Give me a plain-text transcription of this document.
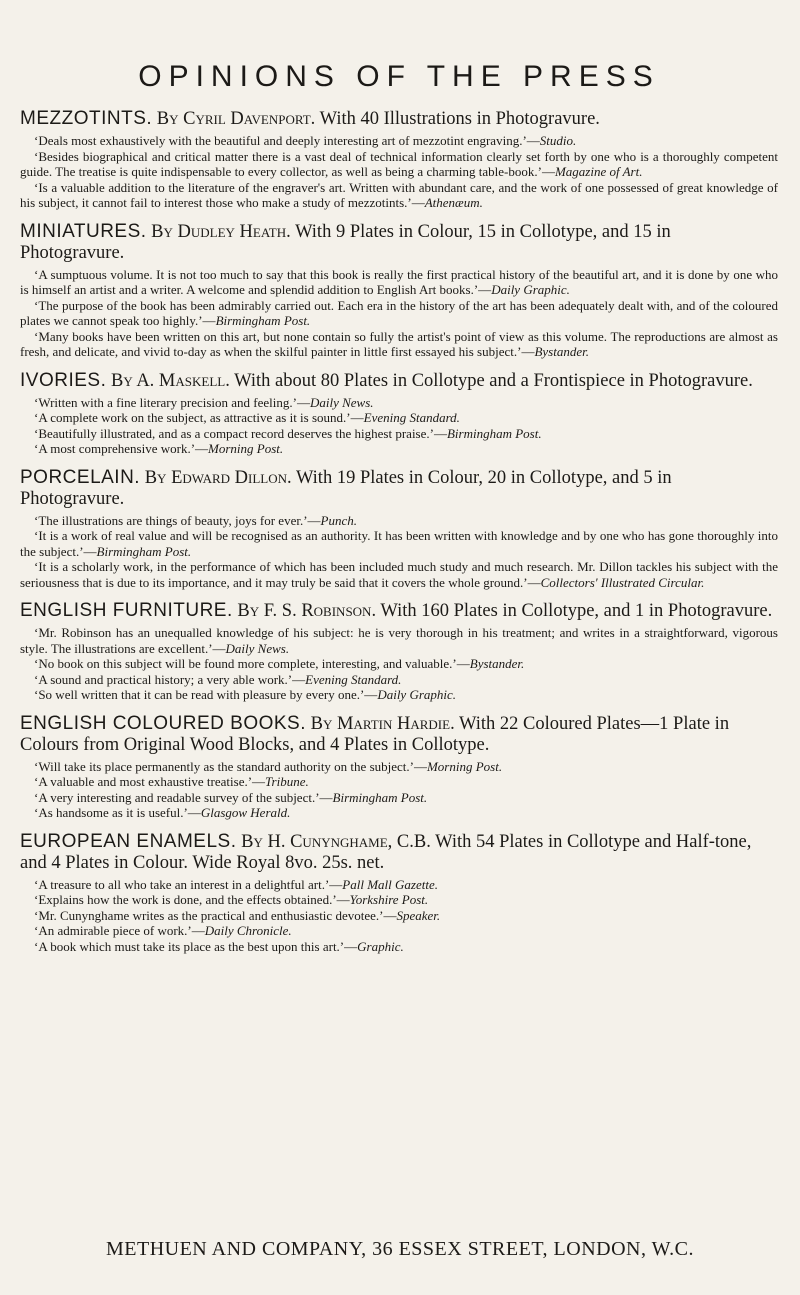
OPINIONS OF THE PRESS

MEZZOTINTS. By Cyril Davenport. With 40 Illustrations in Photogravure.

‘Deals most exhaustively with the beautiful and deeply interesting art of mezzotint engraving.’—Studio.

‘Besides biographical and critical matter there is a vast deal of technical information clearly set forth by one who is a thoroughly competent guide. The treatise is quite indispensable to every collector, as well as being a charming table-book.’—Magazine of Art.

‘Is a valuable addition to the literature of the engraver's art. Written with abundant care, and the work of one possessed of great knowledge of his subject, it cannot fail to interest those who make a study of mezzotints.’—Athenæum.

MINIATURES. By Dudley Heath. With 9 Plates in Colour, 15 in Collotype, and 15 in Photogravure.

‘A sumptuous volume. It is not too much to say that this book is really the first practical history of the beautiful art, and it is done by one who is himself an artist and a writer. A welcome and splendid addition to English Art books.’—Daily Graphic.

‘The purpose of the book has been admirably carried out. Each era in the history of the art has been adequately dealt with, and of the coloured plates we cannot speak too highly.’—Birmingham Post.

‘Many books have been written on this art, but none contain so fully the artist's point of view as this volume. The reproductions are almost as fresh, and delicate, and vivid to-day as when the skilful painter in little first essayed his subject.’—Bystander.

IVORIES. By A. Maskell. With about 80 Plates in Collotype and a Frontispiece in Photogravure.

‘Written with a fine literary precision and feeling.’—Daily News.

‘A complete work on the subject, as attractive as it is sound.’—Evening Standard.

‘Beautifully illustrated, and as a compact record deserves the highest praise.’—Birmingham Post.

‘A most comprehensive work.’—Morning Post.

PORCELAIN. By Edward Dillon. With 19 Plates in Colour, 20 in Collotype, and 5 in Photogravure.

‘The illustrations are things of beauty, joys for ever.’—Punch.

‘It is a work of real value and will be recognised as an authority. It has been written with knowledge and by one who has gone thoroughly into the subject.’—Birmingham Post.

‘It is a scholarly work, in the performance of which has been included much study and much research. Mr. Dillon tackles his subject with the seriousness that is due to its importance, and it may truly be said that it covers the whole ground.’—Collectors' Illustrated Circular.

ENGLISH FURNITURE. By F. S. Robinson. With 160 Plates in Collotype, and 1 in Photogravure.

‘Mr. Robinson has an unequalled knowledge of his subject: he is very thorough in his treatment; and writes in a straightforward, vigorous style. The illustrations are excellent.’—Daily News.

‘No book on this subject will be found more complete, interesting, and valuable.’—Bystander.

‘A sound and practical history; a very able work.’—Evening Standard.

‘So well written that it can be read with pleasure by every one.’—Daily Graphic.

ENGLISH COLOURED BOOKS. By Martin Hardie. With 22 Coloured Plates—1 Plate in Colours from Original Wood Blocks, and 4 Plates in Collotype.

‘Will take its place permanently as the standard authority on the subject.’—Morning Post.

‘A valuable and most exhaustive treatise.’—Tribune.

‘A very interesting and readable survey of the subject.’—Birmingham Post.

‘As handsome as it is useful.’—Glasgow Herald.

EUROPEAN ENAMELS. By H. Cunynghame, C.B. With 54 Plates in Collotype and Half-tone, and 4 Plates in Colour. Wide Royal 8vo. 25s. net.

‘A treasure to all who take an interest in a delightful art.’—Pall Mall Gazette.

‘Explains how the work is done, and the effects obtained.’—Yorkshire Post.

‘Mr. Cunynghame writes as the practical and enthusiastic devotee.’—Speaker.

‘An admirable piece of work.’—Daily Chronicle.

‘A book which must take its place as the best upon this art.’—Graphic.

METHUEN AND COMPANY, 36 ESSEX STREET, LONDON, W.C.
